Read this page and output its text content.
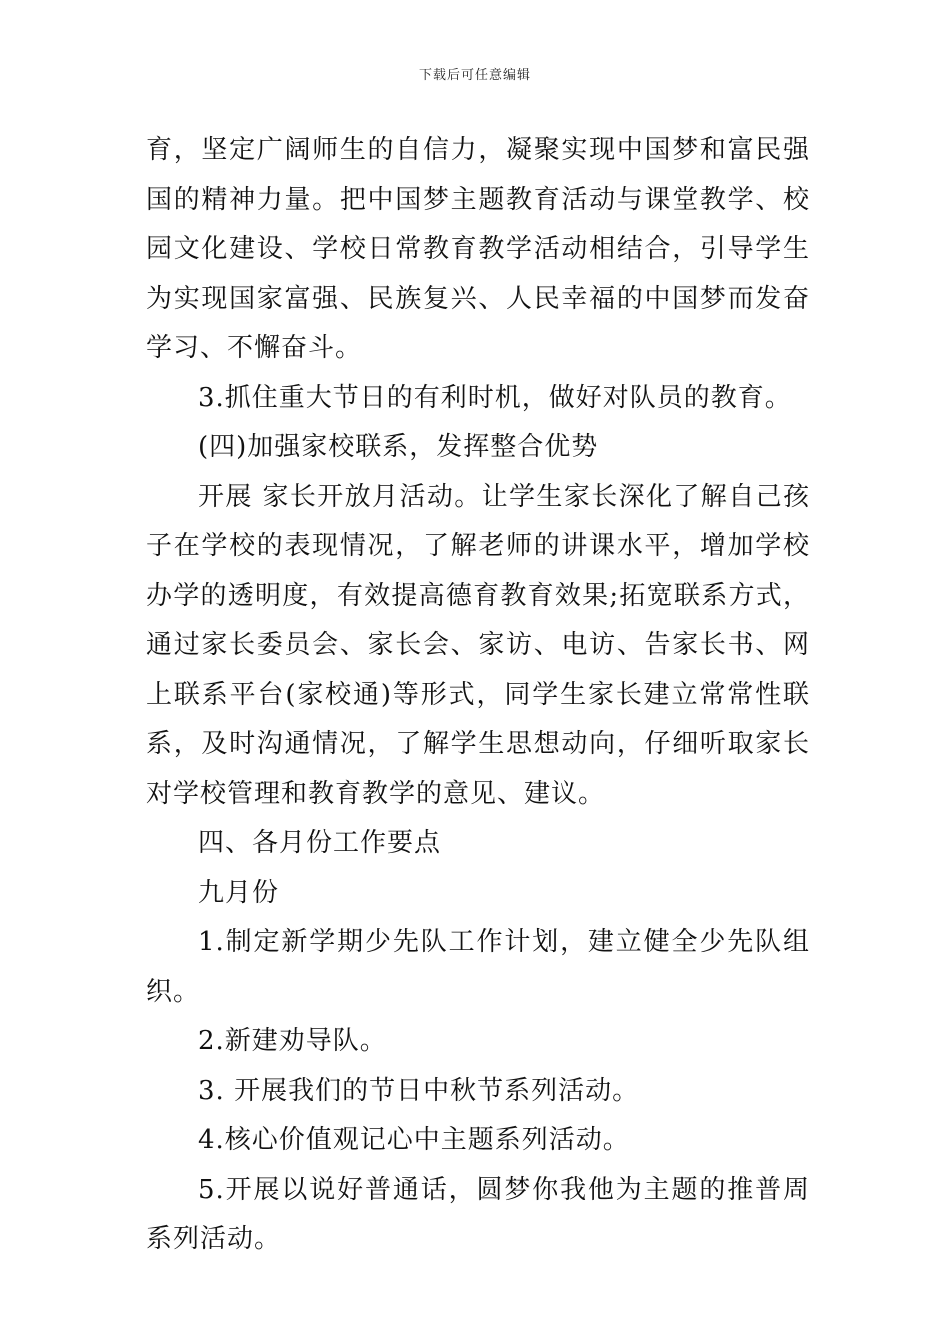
下载后可任意编辑

育，坚定广阔师生的自信力，凝聚实现中国梦和富民强国的精神力量。把中国梦主题教育活动与课堂教学、校园文化建设、学校日常教育教学活动相结合，引导学生为实现国家富强、民族复兴、人民幸福的中国梦而发奋学习、不懈奋斗。

3.抓住重大节日的有利时机，做好对队员的教育。

(四)加强家校联系，发挥整合优势

开展 家长开放月活动。让学生家长深化了解自己孩子在学校的表现情况，了解老师的讲课水平，增加学校办学的透明度，有效提高德育教育效果;拓宽联系方式，通过家长委员会、家长会、家访、电访、告家长书、网上联系平台(家校通)等形式，同学生家长建立常常性联系，及时沟通情况，了解学生思想动向，仔细听取家长对学校管理和教育教学的意见、建议。

四、各月份工作要点

九月份

1.制定新学期少先队工作计划，建立健全少先队组织。

2.新建劝导队。

3. 开展我们的节日中秋节系列活动。

4.核心价值观记心中主题系列活动。

5.开展以说好普通话，圆梦你我他为主题的推普周系列活动。
